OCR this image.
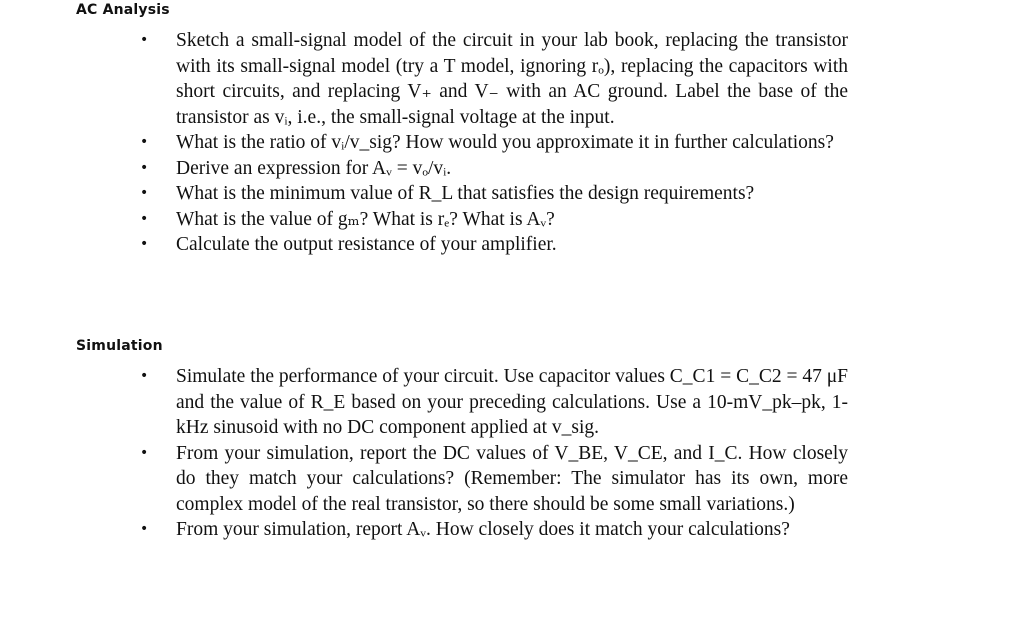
AC Analysis
• Sketch a small-signal model of the circuit in your lab book, replacing the transistor with its small-signal model (try a T model, ignoring rₒ), replacing the capacitors with short circuits, and replacing V₊ and V₋ with an AC ground. Label the base of the transistor as vᵢ, i.e., the small-signal voltage at the input.
• What is the ratio of vᵢ/v_sig? How would you approximate it in further calculations?
• Derive an expression for Aᵥ = vₒ/vᵢ.
• What is the minimum value of R_L that satisfies the design requirements?
• What is the value of gₘ? What is rₑ? What is Aᵥ?
• Calculate the output resistance of your amplifier.
Simulation
• Simulate the performance of your circuit. Use capacitor values C_C1 = C_C2 = 47 μF and the value of R_E based on your preceding calculations. Use a 10-mV_pk–pk, 1-kHz sinusoid with no DC component applied at v_sig.
• From your simulation, report the DC values of V_BE, V_CE, and I_C. How closely do they match your calculations? (Remember: The simulator has its own, more complex model of the real transistor, so there should be some small variations.)
• From your simulation, report Aᵥ. How closely does it match your calculations?
